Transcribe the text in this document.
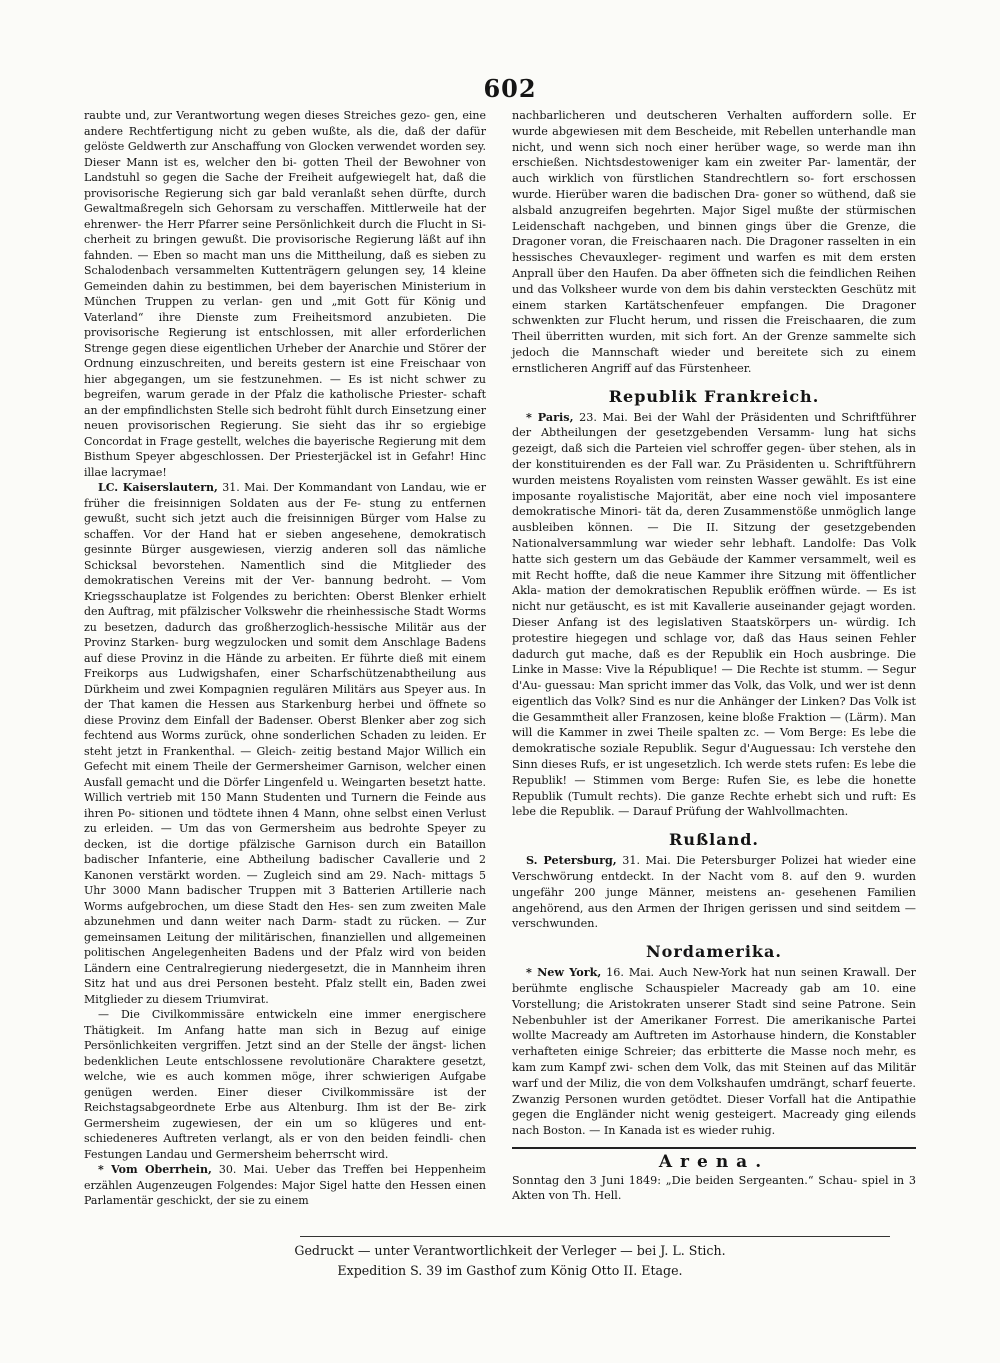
602

raubte und, zur Verantwortung wegen dieses Streiches gezo- gen, eine andere Rechtfertigung nicht zu geben wußte, als die, daß der dafür gelöste Geldwerth zur Anschaffung von Glocken verwendet worden sey. Dieser Mann ist es, welcher den bi- gotten Theil der Bewohner von Landstuhl so gegen die Sache der Freiheit aufgewiegelt hat, daß die provisorische Regierung sich gar bald veranlaßt sehen dürfte, durch Gewaltmaßregeln sich Gehorsam zu verschaffen. Mittlerweile hat der ehrenwer- the Herr Pfarrer seine Persönlichkeit durch die Flucht in Si- cherheit zu bringen gewußt. Die provisorische Regierung läßt auf ihn fahnden. — Eben so macht man uns die Mittheilung, daß es sieben zu Schalodenbach versammelten Kuttenträgern gelungen sey, 14 kleine Gemeinden dahin zu bestimmen, bei dem bayerischen Ministerium in München Truppen zu verlan- gen und „mit Gott für König und Vaterland“ ihre Dienste zum Freiheitsmord anzubieten. Die provisorische Regierung ist entschlossen, mit aller erforderlichen Strenge gegen diese eigentlichen Urheber der Anarchie und Störer der Ordnung einzuschreiten, und bereits gestern ist eine Freischaar von hier abgegangen, um sie festzunehmen. — Es ist nicht schwer zu begreifen, warum gerade in der Pfalz die katholische Priester- schaft an der empfindlichsten Stelle sich bedroht fühlt durch Einsetzung einer neuen provisorischen Regierung. Sie sieht das ihr so ergiebige Concordat in Frage gestellt, welches die bayerische Regierung mit dem Bisthum Speyer abgeschlossen. Der Priesterjäckel ist in Gefahr! Hinc illae lacrymae!

LC. Kaiserslautern, 31. Mai. Der Kommandant von Landau, wie er früher die freisinnigen Soldaten aus der Fe- stung zu entfernen gewußt, sucht sich jetzt auch die freisinnigen Bürger vom Halse zu schaffen. Vor der Hand hat er sieben angesehene, demokratisch gesinnte Bürger ausgewiesen, vierzig anderen soll das nämliche Schicksal bevorstehen. Namentlich sind die Mitglieder des demokratischen Vereins mit der Ver- bannung bedroht. — Vom Kriegsschauplatze ist Folgendes zu berichten: Oberst Blenker erhielt den Auftrag, mit pfälzischer Volkswehr die rheinhessische Stadt Worms zu besetzen, dadurch das großherzoglich-hessische Militär aus der Provinz Starken- burg wegzulocken und somit dem Anschlage Badens auf diese Provinz in die Hände zu arbeiten. Er führte dieß mit einem Freikorps aus Ludwigshafen, einer Scharfschützenabtheilung aus Dürkheim und zwei Kompagnien regulären Militärs aus Speyer aus. In der That kamen die Hessen aus Starkenburg herbei und öffnete so diese Provinz dem Einfall der Badenser. Oberst Blenker aber zog sich fechtend aus Worms zurück, ohne sonderlichen Schaden zu leiden. Er steht jetzt in Frankenthal. — Gleich- zeitig bestand Major Willich ein Gefecht mit einem Theile der Germersheimer Garnison, welcher einen Ausfall gemacht und die Dörfer Lingenfeld u. Weingarten besetzt hatte. Willich vertrieb mit 150 Mann Studenten und Turnern die Feinde aus ihren Po- sitionen und tödtete ihnen 4 Mann, ohne selbst einen Verlust zu erleiden. — Um das von Germersheim aus bedrohte Speyer zu decken, ist die dortige pfälzische Garnison durch ein Bataillon badischer Infanterie, eine Abtheilung badischer Cavallerie und 2 Kanonen verstärkt worden. — Zugleich sind am 29. Nach- mittags 5 Uhr 3000 Mann badischer Truppen mit 3 Batterien Artillerie nach Worms aufgebrochen, um diese Stadt den Hes- sen zum zweiten Male abzunehmen und dann weiter nach Darm- stadt zu rücken. — Zur gemeinsamen Leitung der militärischen, finanziellen und allgemeinen politischen Angelegenheiten Badens und der Pfalz wird von beiden Ländern eine Centralregierung niedergesetzt, die in Mannheim ihren Sitz hat und aus drei Personen besteht. Pfalz stellt ein, Baden zwei Mitglieder zu diesem Triumvirat.

— Die Civilkommissäre entwickeln eine immer energischere Thätigkeit. Im Anfang hatte man sich in Bezug auf einige Persönlichkeiten vergriffen. Jetzt sind an der Stelle der ängst- lichen bedenklichen Leute entschlossene revolutionäre Charaktere gesetzt, welche, wie es auch kommen möge, ihrer schwierigen Aufgabe genügen werden. Einer dieser Civilkommissäre ist der Reichstagsabgeordnete Erbe aus Altenburg. Ihm ist der Be- zirk Germersheim zugewiesen, der ein um so klügeres und ent- schiedeneres Auftreten verlangt, als er von den beiden feindli- chen Festungen Landau und Germersheim beherrscht wird.

* Vom Oberrhein, 30. Mai. Ueber das Treffen bei Heppenheim erzählen Augenzeugen Folgendes: Major Sigel hatte den Hessen einen Parlamentär geschickt, der sie zu einem

nachbarlicheren und deutscheren Verhalten auffordern solle. Er wurde abgewiesen mit dem Bescheide, mit Rebellen unterhandle man nicht, und wenn sich noch einer herüber wage, so werde man ihn erschießen. Nichtsdestoweniger kam ein zweiter Par- lamentär, der auch wirklich von fürstlichen Standrechtlern so- fort erschossen wurde. Hierüber waren die badischen Dra- goner so wüthend, daß sie alsbald anzugreifen begehrten. Major Sigel mußte der stürmischen Leidenschaft nachgeben, und binnen gings über die Grenze, die Dragoner voran, die Freischaaren nach. Die Dragoner rasselten in ein hessisches Chevauxleger- regiment und warfen es mit dem ersten Anprall über den Haufen. Da aber öffneten sich die feindlichen Reihen und das Volksheer wurde von dem bis dahin versteckten Geschütz mit einem starken Kartätschenfeuer empfangen. Die Dragoner schwenkten zur Flucht herum, und rissen die Freischaaren, die zum Theil überritten wurden, mit sich fort. An der Grenze sammelte sich jedoch die Mannschaft wieder und bereitete sich zu einem ernstlicheren Angriff auf das Fürstenheer.

Republik Frankreich.

* Paris, 23. Mai. Bei der Wahl der Präsidenten und Schriftführer der Abtheilungen der gesetzgebenden Versamm- lung hat sichs gezeigt, daß sich die Parteien viel schroffer gegen- über stehen, als in der konstituirenden es der Fall war. Zu Präsidenten u. Schriftführern wurden meistens Royalisten vom reinsten Wasser gewählt. Es ist eine imposante royalistische Majorität, aber eine noch viel imposantere demokratische Minori- tät da, deren Zusammenstöße unmöglich lange ausbleiben können. — Die II. Sitzung der gesetzgebenden Nationalversammlung war wieder sehr lebhaft. Landolfe: Das Volk hatte sich gestern um das Gebäude der Kammer versammelt, weil es mit Recht hoffte, daß die neue Kammer ihre Sitzung mit öffentlicher Akla- mation der demokratischen Republik eröffnen würde. — Es ist nicht nur getäuscht, es ist mit Kavallerie auseinander gejagt worden. Dieser Anfang ist des legislativen Staatskörpers un- würdig. Ich protestire hiegegen und schlage vor, daß das Haus seinen Fehler dadurch gut mache, daß es der Republik ein Hoch ausbringe. Die Linke in Masse: Vive la République! — Die Rechte ist stumm. — Segur d'Au- guessau: Man spricht immer das Volk, das Volk, und wer ist denn eigentlich das Volk? Sind es nur die Anhänger der Linken? Das Volk ist die Gesammtheit aller Franzosen, keine bloße Fraktion — (Lärm). Man will die Kammer in zwei Theile spalten zc. — Vom Berge: Es lebe die demokratische soziale Republik. Segur d'Auguessau: Ich verstehe den Sinn dieses Rufs, er ist ungesetzlich. Ich werde stets rufen: Es lebe die Republik! — Stimmen vom Berge: Rufen Sie, es lebe die honette Republik (Tumult rechts). Die ganze Rechte erhebt sich und ruft: Es lebe die Republik. — Darauf Prüfung der Wahlvollmachten.

Rußland.

S. Petersburg, 31. Mai. Die Petersburger Polizei hat wieder eine Verschwörung entdeckt. In der Nacht vom 8. auf den 9. wurden ungefähr 200 junge Männer, meistens an- gesehenen Familien angehörend, aus den Armen der Ihrigen gerissen und sind seitdem — verschwunden.

Nordamerika.

* New York, 16. Mai. Auch New-York hat nun seinen Krawall. Der berühmte englische Schauspieler Macready gab am 10. eine Vorstellung; die Aristokraten unserer Stadt sind seine Patrone. Sein Nebenbuhler ist der Amerikaner Forrest. Die amerikanische Partei wollte Macready am Auftreten im Astorhause hindern, die Konstabler verhafteten einige Schreier; das erbitterte die Masse noch mehr, es kam zum Kampf zwi- schen dem Volk, das mit Steinen auf das Militär warf und der Miliz, die von dem Volkshaufen umdrängt, scharf feuerte. Zwanzig Personen wurden getödtet. Dieser Vorfall hat die Antipathie gegen die Engländer nicht wenig gesteigert. Macready ging eilends nach Boston. — In Kanada ist es wieder ruhig.

Arena.
Sonntag den 3 Juni 1849: „Die beiden Sergeanten.“ Schau- spiel in 3 Akten von Th. Hell.
Gedruckt — unter Verantwortlichkeit der Verleger — bei J. L. Stich.
Expedition S. 39 im Gasthof zum König Otto II. Etage.
